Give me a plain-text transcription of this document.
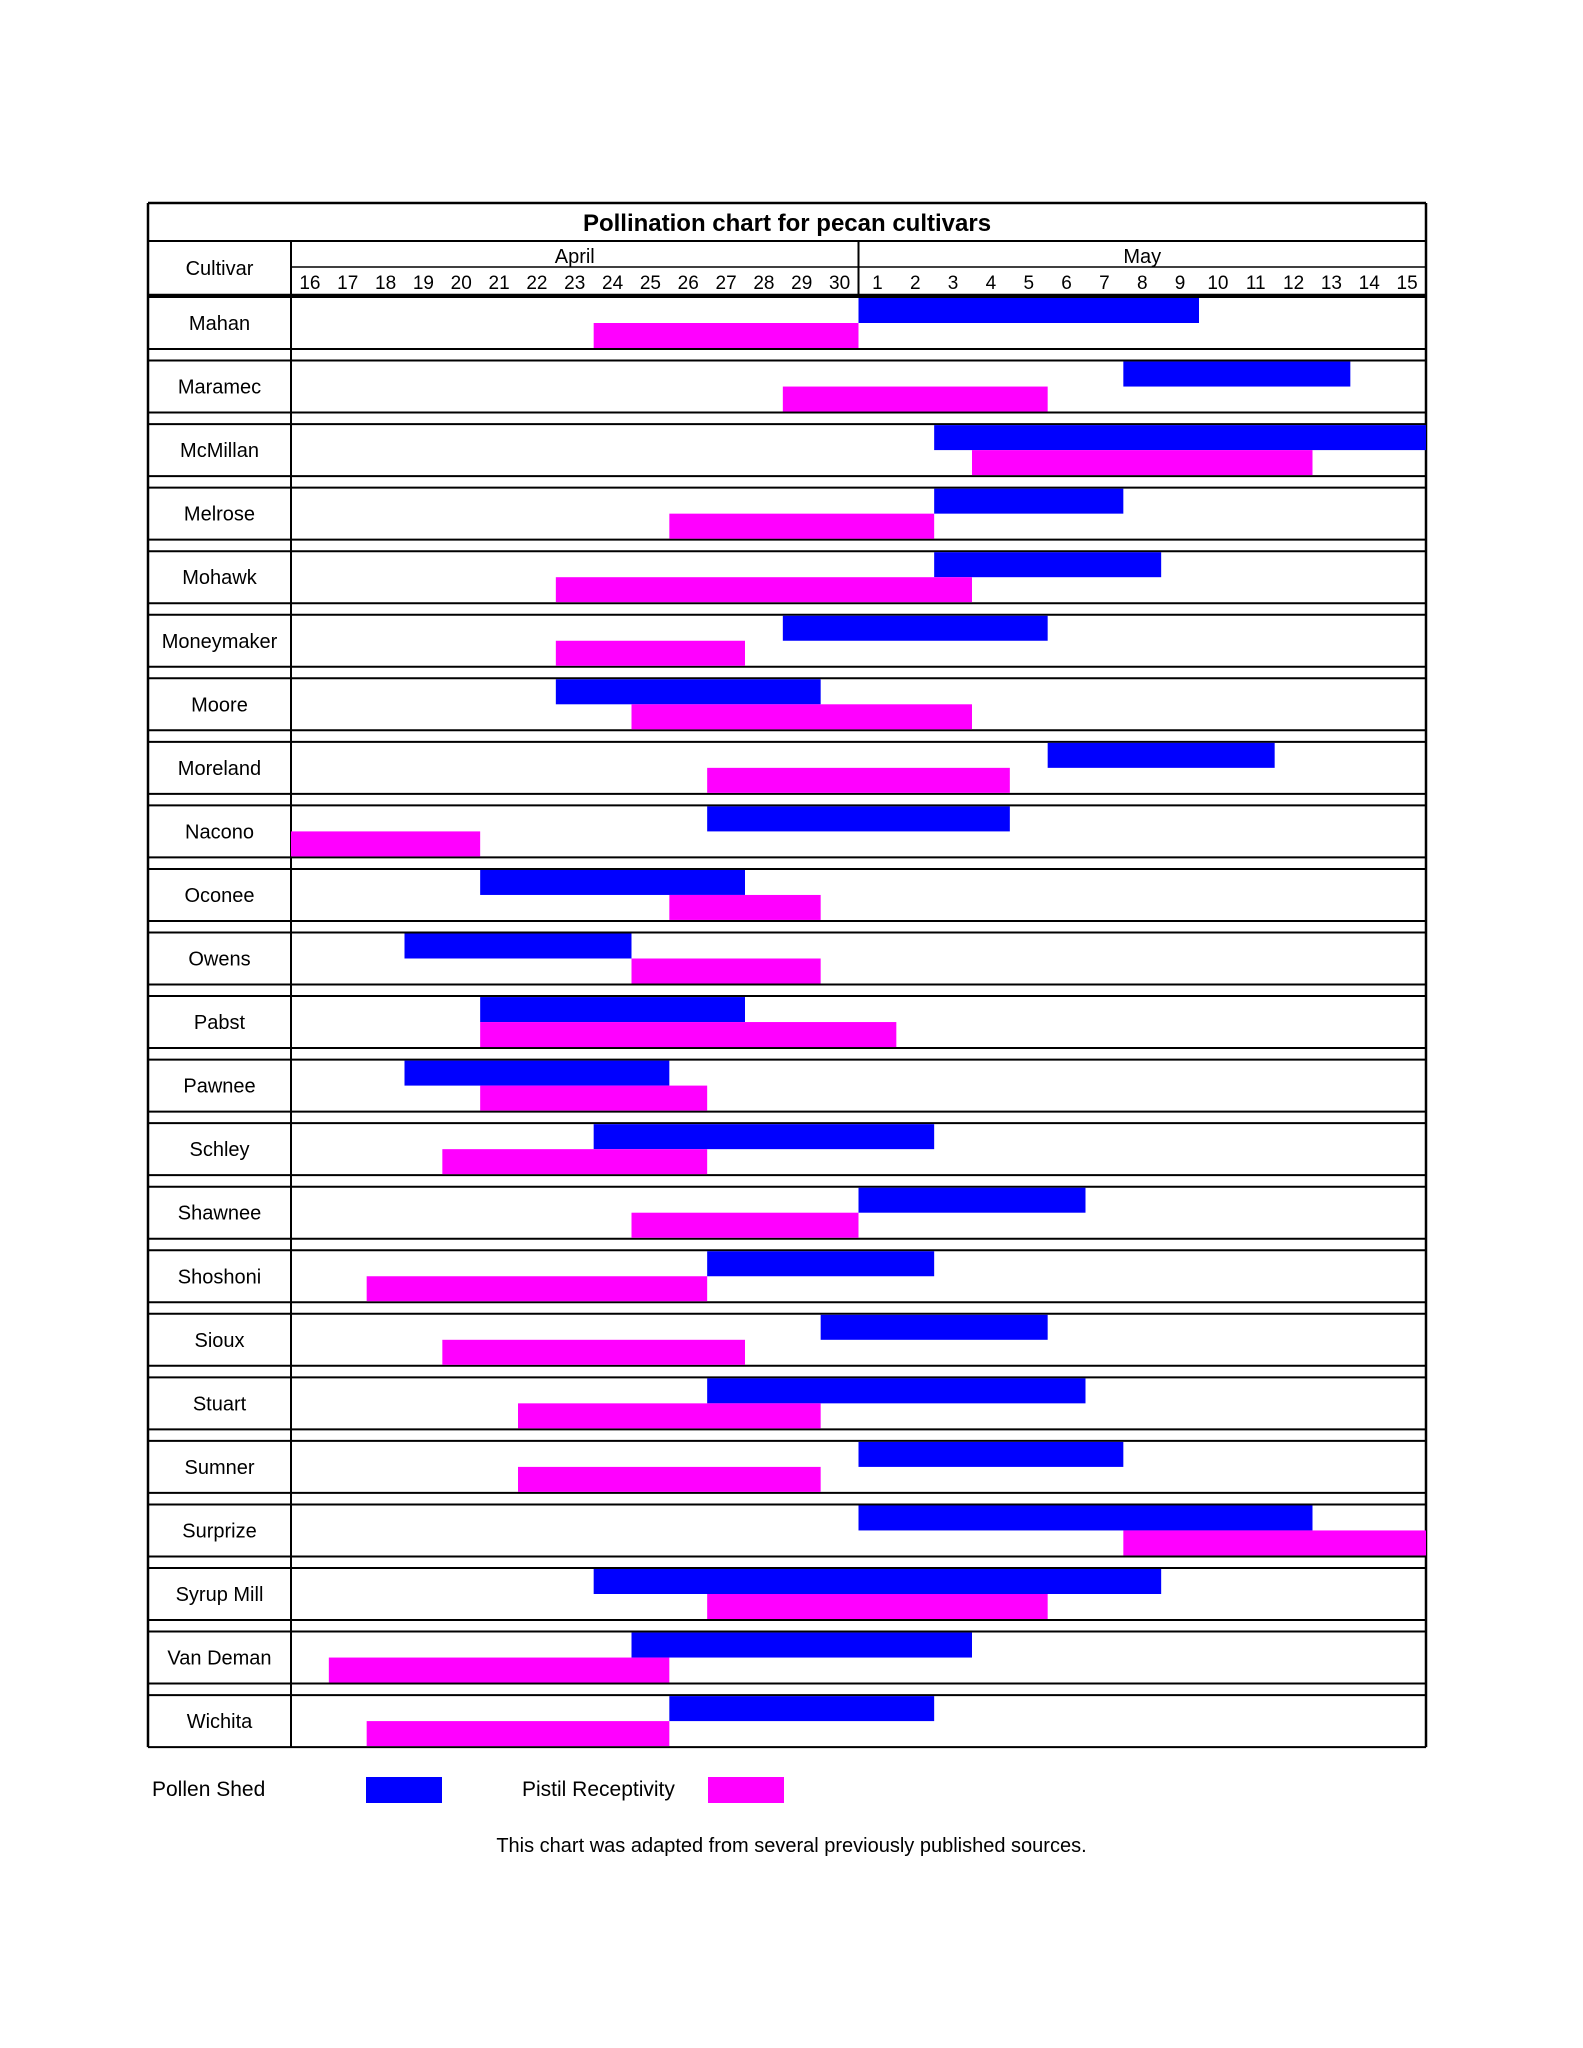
Pollination chart for pecan cultivars
Cultivar
April	May
16 17 18 19 20 21 22 23 24 25 26 27 28 29 30 1 2 3 4 5 6 7 8 9 10 11 12 13 14 15
Mahan
Maramec
McMillan
Melrose
Mohawk
Moneymaker
Moore
Moreland
Nacono
Oconee
Owens
Pabst
Pawnee
Schley
Shawnee
Shoshoni
Sioux
Stuart
Sumner
Surprize
Syrup Mill
Van Deman
Wichita
Pollen Shed	Pistil Receptivity
This chart was adapted from several previously published sources.
